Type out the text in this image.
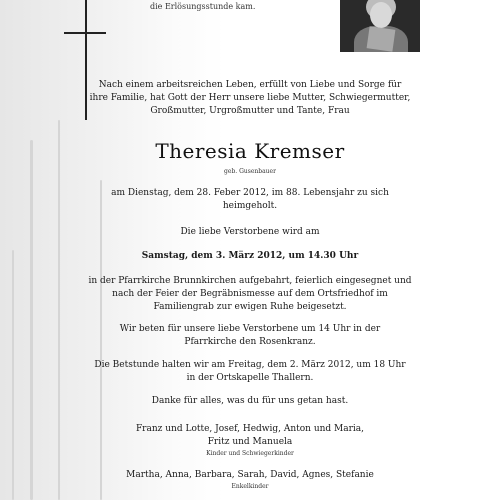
die Erlösungsstunde kam.
Nach einem arbeitsreichen Leben, erfüllt von Liebe und Sorge für
ihre Familie, hat Gott der Herr unsere liebe Mutter, Schwiegermutter,
Großmutter, Urgroßmutter und Tante, Frau
Theresia Kremser
geb. Gusenbauer
am Dienstag, dem 28. Feber 2012, im 88. Lebensjahr zu sich
heimgeholt.
Die liebe Verstorbene wird am
Samstag, dem 3. März 2012, um 14.30 Uhr
in der Pfarrkirche Brunnkirchen aufgebahrt, feierlich eingesegnet und
nach der Feier der Begräbnismesse auf dem Ortsfriedhof im
Familiengrab zur ewigen Ruhe beigesetzt.
Wir beten für unsere liebe Verstorbene um 14 Uhr in der
Pfarrkirche den Rosenkranz.
Die Betstunde halten wir am Freitag, dem 2. März 2012, um 18 Uhr
in der Ortskapelle Thallern.
Danke für alles, was du für uns getan hast.
Franz und Lotte, Josef, Hedwig, Anton und Maria,
Fritz und Manuela
Kinder und Schwiegerkinder
Martha, Anna, Barbara, Sarah, David, Agnes, Stefanie
Enkelkinder
